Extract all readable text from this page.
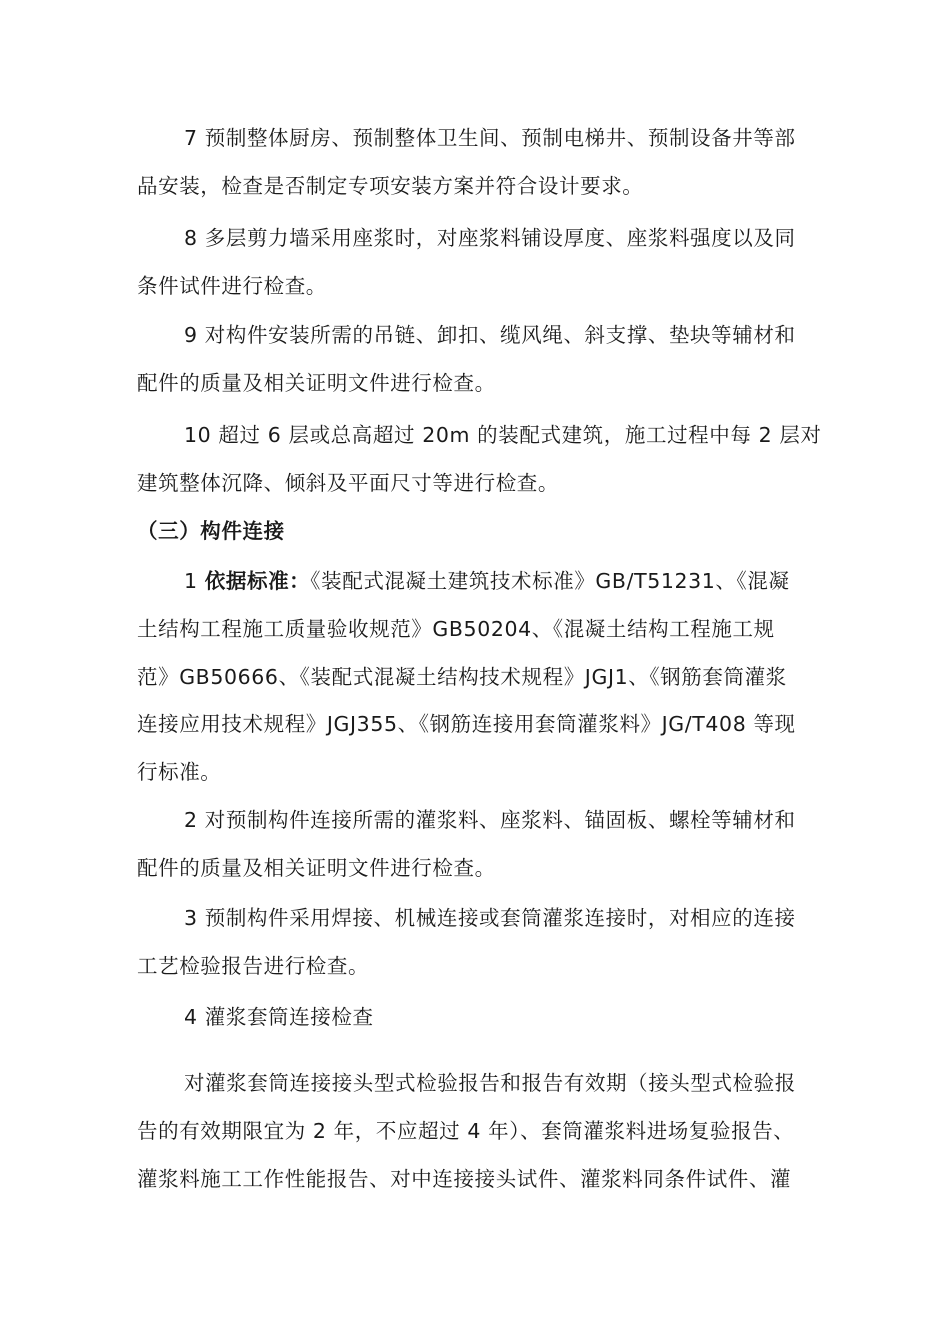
7 预制整体厨房、预制整体卫生间、预制电梯井、预制设备井等部
品安装，检查是否制定专项安装方案并符合设计要求。
8 多层剪力墙采用座浆时，对座浆料铺设厚度、座浆料强度以及同
条件试件进行检查。
9 对构件安装所需的吊链、卸扣、缆风绳、斜支撑、垫块等辅材和
配件的质量及相关证明文件进行检查。
10 超过 6 层或总高超过 20m 的装配式建筑，施工过程中每 2 层对
建筑整体沉降、倾斜及平面尺寸等进行检查。
（三）构件连接
1 依据标准：《装配式混凝土建筑技术标准》GB/T51231、《混凝
土结构工程施工质量验收规范》GB50204、《混凝土结构工程施工规
范》GB50666、《装配式混凝土结构技术规程》JGJ1、《钢筋套筒灌浆
连接应用技术规程》JGJ355、《钢筋连接用套筒灌浆料》JG/T408 等现
行标准。
2 对预制构件连接所需的灌浆料、座浆料、锚固板、螺栓等辅材和
配件的质量及相关证明文件进行检查。
3 预制构件采用焊接、机械连接或套筒灌浆连接时，对相应的连接
工艺检验报告进行检查。
4 灌浆套筒连接检查
对灌浆套筒连接接头型式检验报告和报告有效期（接头型式检验报
告的有效期限宜为 2 年，不应超过 4 年）、套筒灌浆料进场复验报告、
灌浆料施工工作性能报告、对中连接接头试件、灌浆料同条件试件、灌
